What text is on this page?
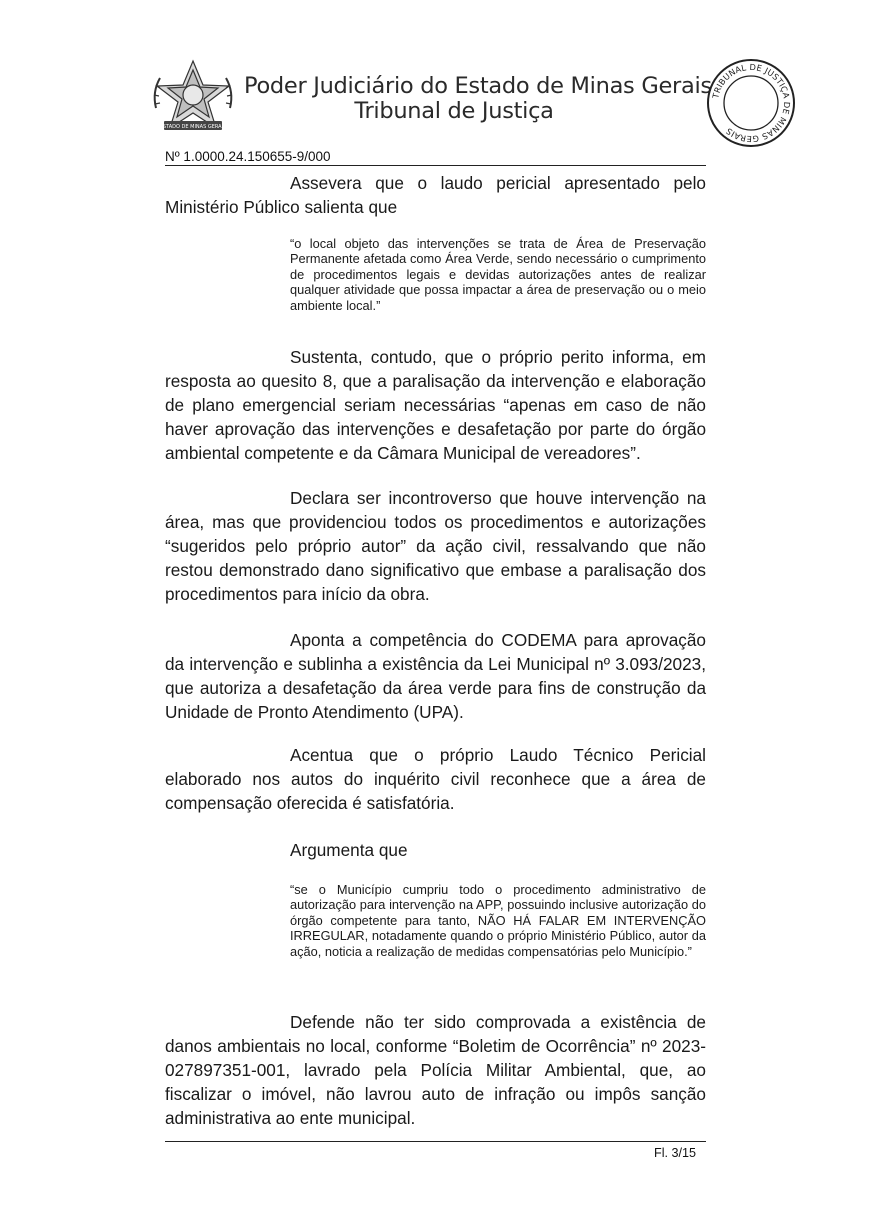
ESTADO DE MINAS GERAIS
Poder Judiciário do Estado de Minas Gerais
Tribunal de Justiça
TRIBUNAL DE JUSTIÇA DE MINAS GERAIS
Nº 1.0000.24.150655-9/000

Assevera que o laudo pericial apresentado pelo Ministério Público salienta que

“o local objeto das intervenções se trata de Área de Preservação Permanente afetada como Área Verde, sendo necessário o cumprimento de procedimentos legais e devidas autorizações antes de realizar qualquer atividade que possa impactar a área de preservação ou o meio ambiente local.”

Sustenta, contudo, que o próprio perito informa, em resposta ao quesito 8, que a paralisação da intervenção e elaboração de plano emergencial seriam necessárias “apenas em caso de não haver aprovação das intervenções e desafetação por parte do órgão ambiental competente e da Câmara Municipal de vereadores”.

Declara ser incontroverso que houve intervenção na área, mas que providenciou todos os procedimentos e autorizações “sugeridos pelo próprio autor” da ação civil, ressalvando que não restou demonstrado dano significativo que embase a paralisação dos procedimentos para início da obra.

Aponta a competência do CODEMA para aprovação da intervenção e sublinha a existência da Lei Municipal nº 3.093/2023, que autoriza a desafetação da área verde para fins de construção da Unidade de Pronto Atendimento (UPA).

Acentua que o próprio Laudo Técnico Pericial elaborado nos autos do inquérito civil reconhece que a área de compensação oferecida é satisfatória.

Argumenta que

“se o Município cumpriu todo o procedimento administrativo de autorização para intervenção na APP, possuindo inclusive autorização do órgão competente para tanto, NÃO HÁ FALAR EM INTERVENÇÃO IRREGULAR, notadamente quando o próprio Ministério Público, autor da ação, noticia a realização de medidas compensatórias pelo Município.”

Defende não ter sido comprovada a existência de danos ambientais no local, conforme “Boletim de Ocorrência” nº 2023-027897351-001, lavrado pela Polícia Militar Ambiental, que, ao fiscalizar o imóvel, não lavrou auto de infração ou impôs sanção administrativa ao ente municipal.

Fl. 3/15
